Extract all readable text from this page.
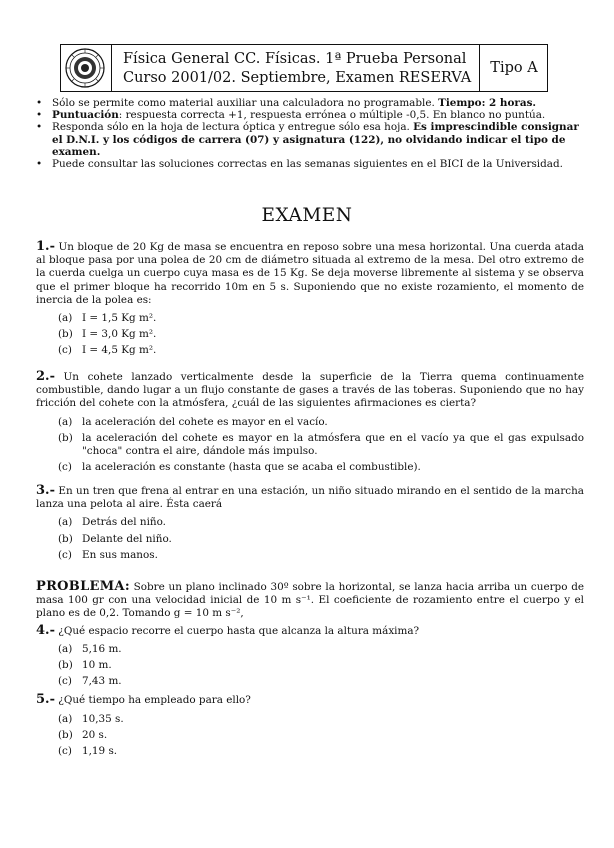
Física General CC. Físicas. 1ª Prueba Personal
Curso 2001/02. Septiembre, Examen RESERVA
Tipo A
• Sólo se permite como material auxiliar una calculadora no programable. Tiempo: 2 horas.
• Puntuación: respuesta correcta +1, respuesta errónea o múltiple -0,5. En blanco no puntúa.
• Responda sólo en la hoja de lectura óptica y entregue sólo esa hoja. Es imprescindible consignar el D.N.I. y los códigos de carrera (07) y asignatura (122), no olvidando indicar el tipo de examen.
• Puede consultar las soluciones correctas en las semanas siguientes en el BICI de la Universidad.
EXAMEN
1.- Un bloque de 20 Kg de masa se encuentra en reposo sobre una mesa horizontal. Una cuerda atada al bloque pasa por una polea de 20 cm de diámetro situada al extremo de la mesa. Del otro extremo de la cuerda cuelga un cuerpo cuya masa es de 15 Kg. Se deja moverse libremente al sistema y se observa que el primer bloque ha recorrido 10m en 5 s. Suponiendo que no existe rozamiento, el momento de inercia de la polea es:
(a) I = 1,5 Kg m².
(b) I = 3,0 Kg m².
(c) I = 4,5 Kg m².
2.- Un cohete lanzado verticalmente desde la superficie de la Tierra quema continuamente combustible, dando lugar a un flujo constante de gases a través de las toberas. Suponiendo que no hay fricción del cohete con la atmósfera, ¿cuál de las siguientes afirmaciones es cierta?
(a) la aceleración del cohete es mayor en el vacío.
(b) la aceleración del cohete es mayor en la atmósfera que en el vacío ya que el gas expulsado "choca" contra el aire, dándole más impulso.
(c) la aceleración es constante (hasta que se acaba el combustible).
3.- En un tren que frena al entrar en una estación, un niño situado mirando en el sentido de la marcha lanza una pelota al aire. Ésta caerá
(a) Detrás del niño.
(b) Delante del niño.
(c) En sus manos.
PROBLEMA: Sobre un plano inclinado 30º sobre la horizontal, se lanza hacia arriba un cuerpo de masa 100 gr con una velocidad inicial de 10 m s⁻¹. El coeficiente de rozamiento entre el cuerpo y el plano es de 0,2. Tomando g = 10 m s⁻²,
4.- ¿Qué espacio recorre el cuerpo hasta que alcanza la altura máxima?
(a) 5,16 m.
(b) 10 m.
(c) 7,43 m.
5.- ¿Qué tiempo ha empleado para ello?
(a) 10,35 s.
(b) 20 s.
(c) 1,19 s.
